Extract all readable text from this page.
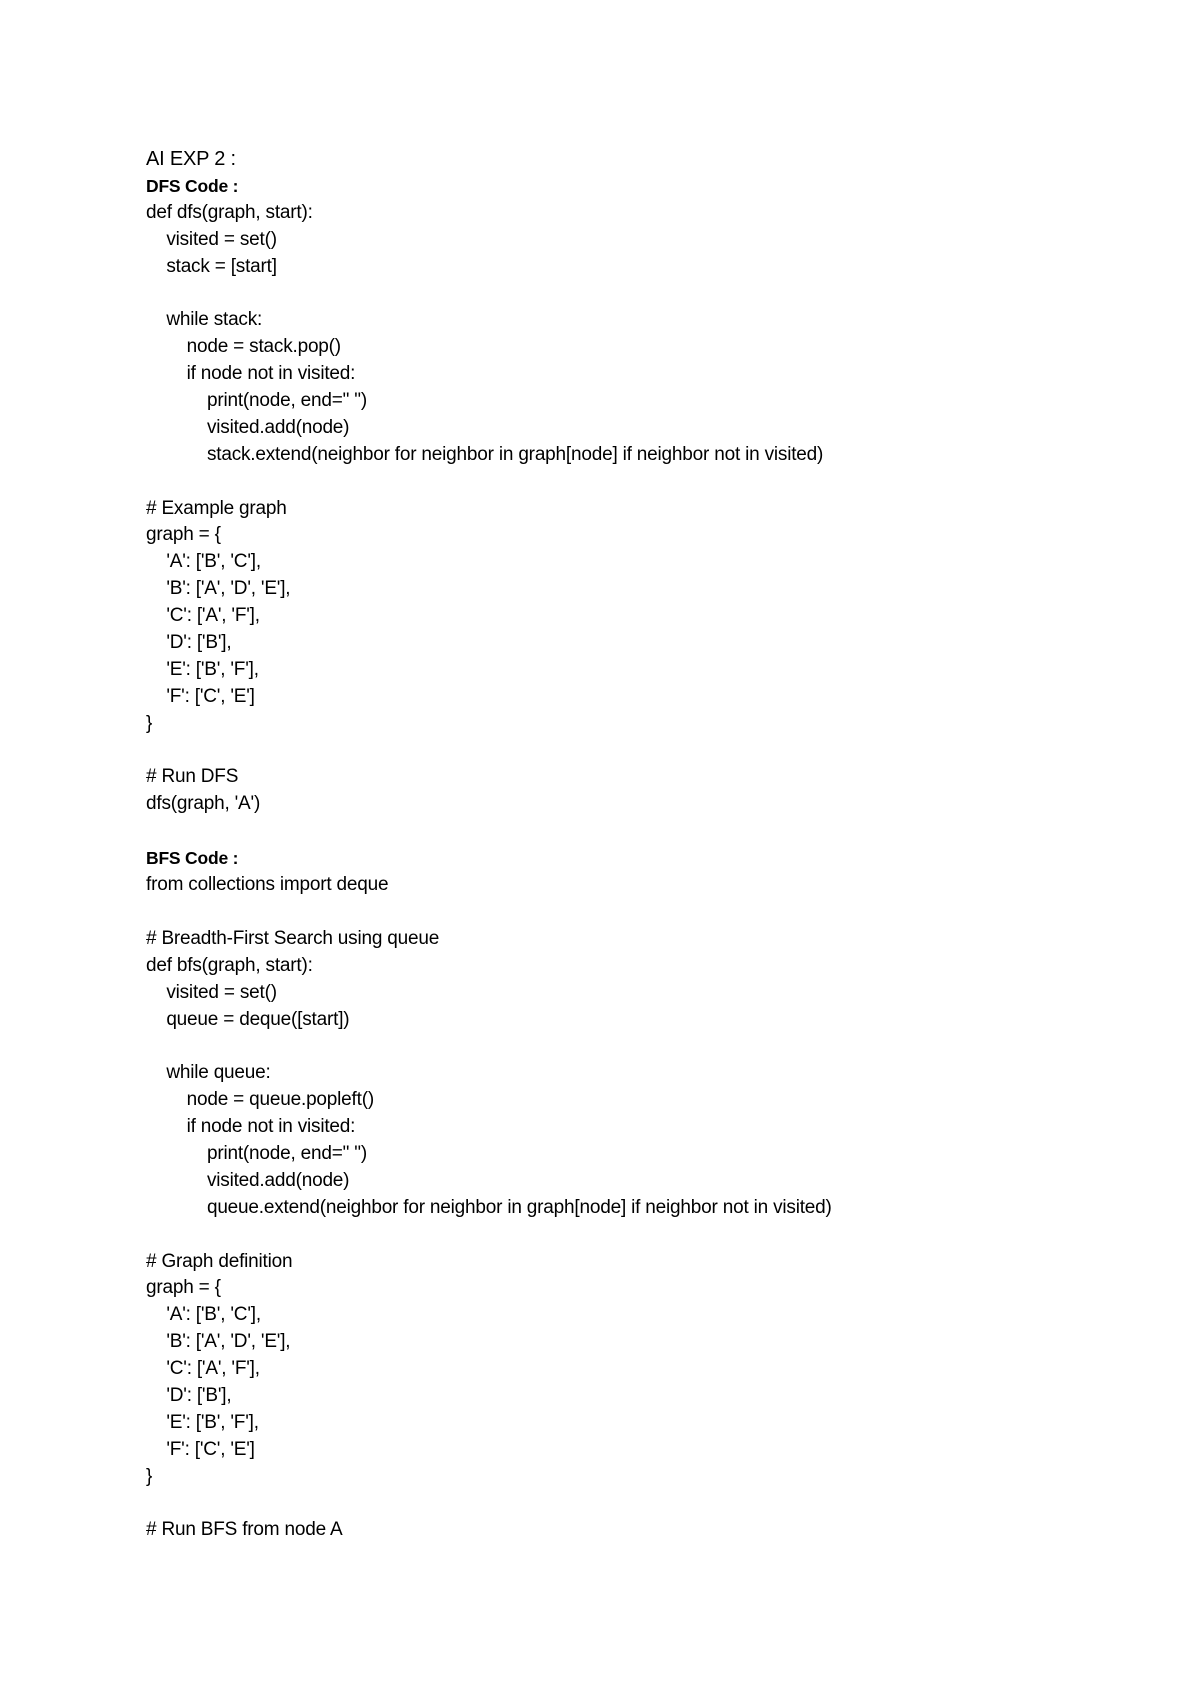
AI EXP 2 :
DFS Code :
def dfs(graph, start):
visited = set()
stack = [start]
while stack:
node = stack.pop()
if node not in visited:
print(node, end=" ")
visited.add(node)
stack.extend(neighbor for neighbor in graph[node] if neighbor not in visited)
# Example graph
graph = {
'A': ['B', 'C'],
'B': ['A', 'D', 'E'],
'C': ['A', 'F'],
'D': ['B'],
'E': ['B', 'F'],
'F': ['C', 'E']
}
# Run DFS
dfs(graph, 'A')
BFS Code :
from collections import deque
# Breadth-First Search using queue
def bfs(graph, start):
visited = set()
queue = deque([start])
while queue:
node = queue.popleft()
if node not in visited:
print(node, end=" ")
visited.add(node)
queue.extend(neighbor for neighbor in graph[node] if neighbor not in visited)
# Graph definition
graph = {
'A': ['B', 'C'],
'B': ['A', 'D', 'E'],
'C': ['A', 'F'],
'D': ['B'],
'E': ['B', 'F'],
'F': ['C', 'E']
}
# Run BFS from node A
